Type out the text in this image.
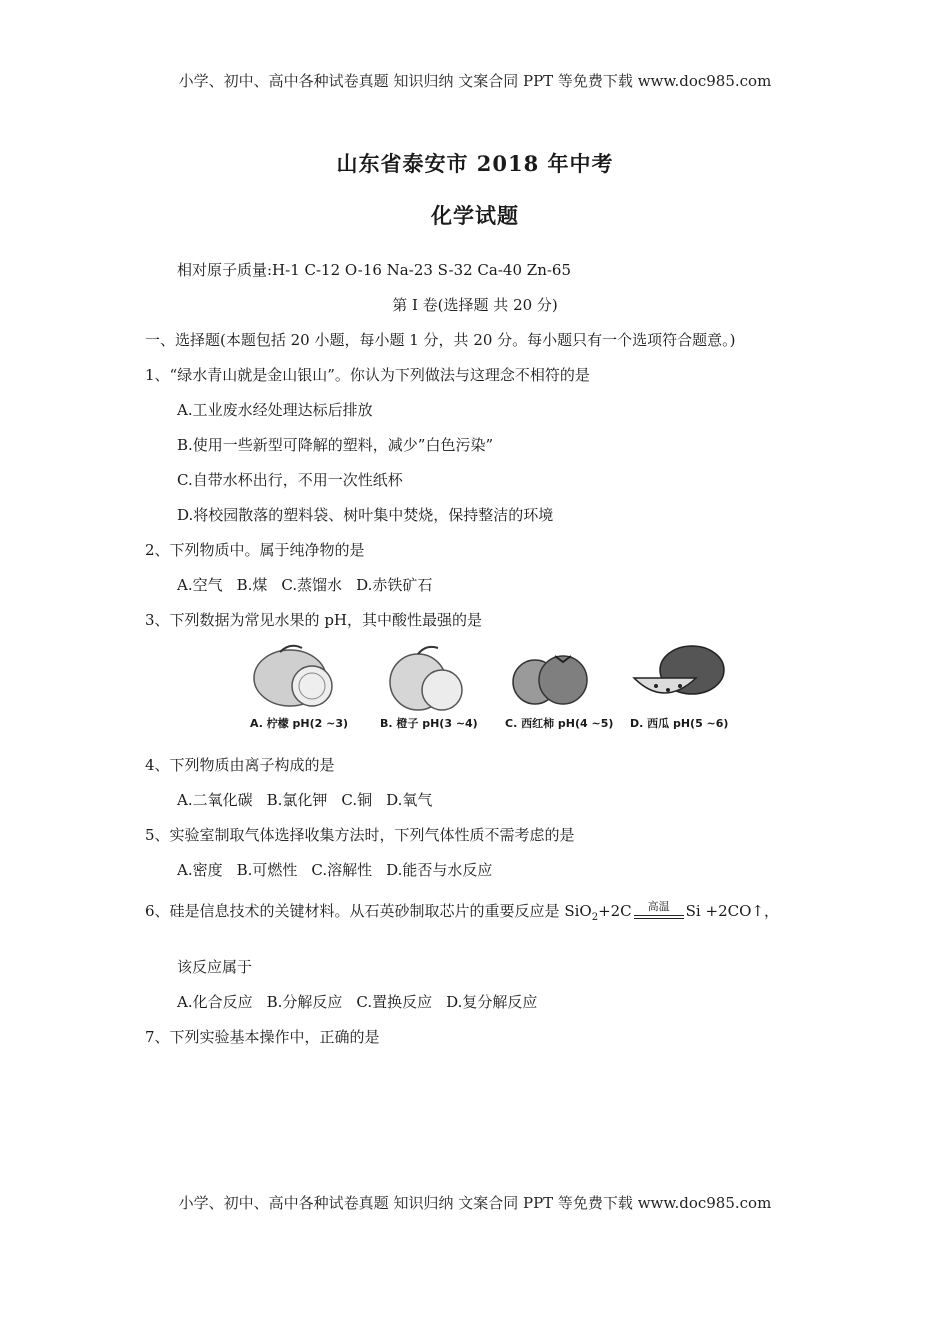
小学、初中、高中各种试卷真题 知识归纳 文案合同 PPT 等免费下载 www.doc985.com
山东省泰安市 2018 年中考
化学试题
相对原子质量:H-1 C-12 O-16 Na-23 S-32 Ca-40 Zn-65
第 I 卷(选择题 共 20 分)
一、选择题(本题包括 20 小题，每小题 1 分，共 20 分。每小题只有一个选项符合题意。)
1、“绿水青山就是金山银山”。你认为下列做法与这理念不相符的是
A.工业废水经处理达标后排放
B.使用一些新型可降解的塑料，减少”白色污染”
C.自带水杯出行，不用一次性纸杯
D.将校园散落的塑料袋、树叶集中焚烧，保持整洁的环境
2、下列物质中。属于纯净物的是
A.空气 B.煤 C.蒸馏水 D.赤铁矿石
3、下列数据为常见水果的 pH，其中酸性最强的是
A. 柠檬 pH(2 ~3)	B. 橙子 pH(3 ~4) C. 西红柿 pH(4 ~5) D. 西瓜 pH(5 ~6)
4、下列物质由离子构成的是
A.二氧化碳 B.氯化钾 C.铜 D.氧气
5、实验室制取气体选择收集方法时，下列气体性质不需考虑的是
A.密度 B.可燃性 C.溶解性 D.能否与水反应
6、硅是信息技术的关键材料。从石英砂制取芯片的重要反应是 SiO$_2$+2C	高温	Si +2CO↑，
该反应属于
A.化合反应 B.分解反应 C.置换反应 D.复分解反应
7、下列实验基本操作中，正确的是
小学、初中、高中各种试卷真题 知识归纳 文案合同 PPT 等免费下载 www.doc985.com
